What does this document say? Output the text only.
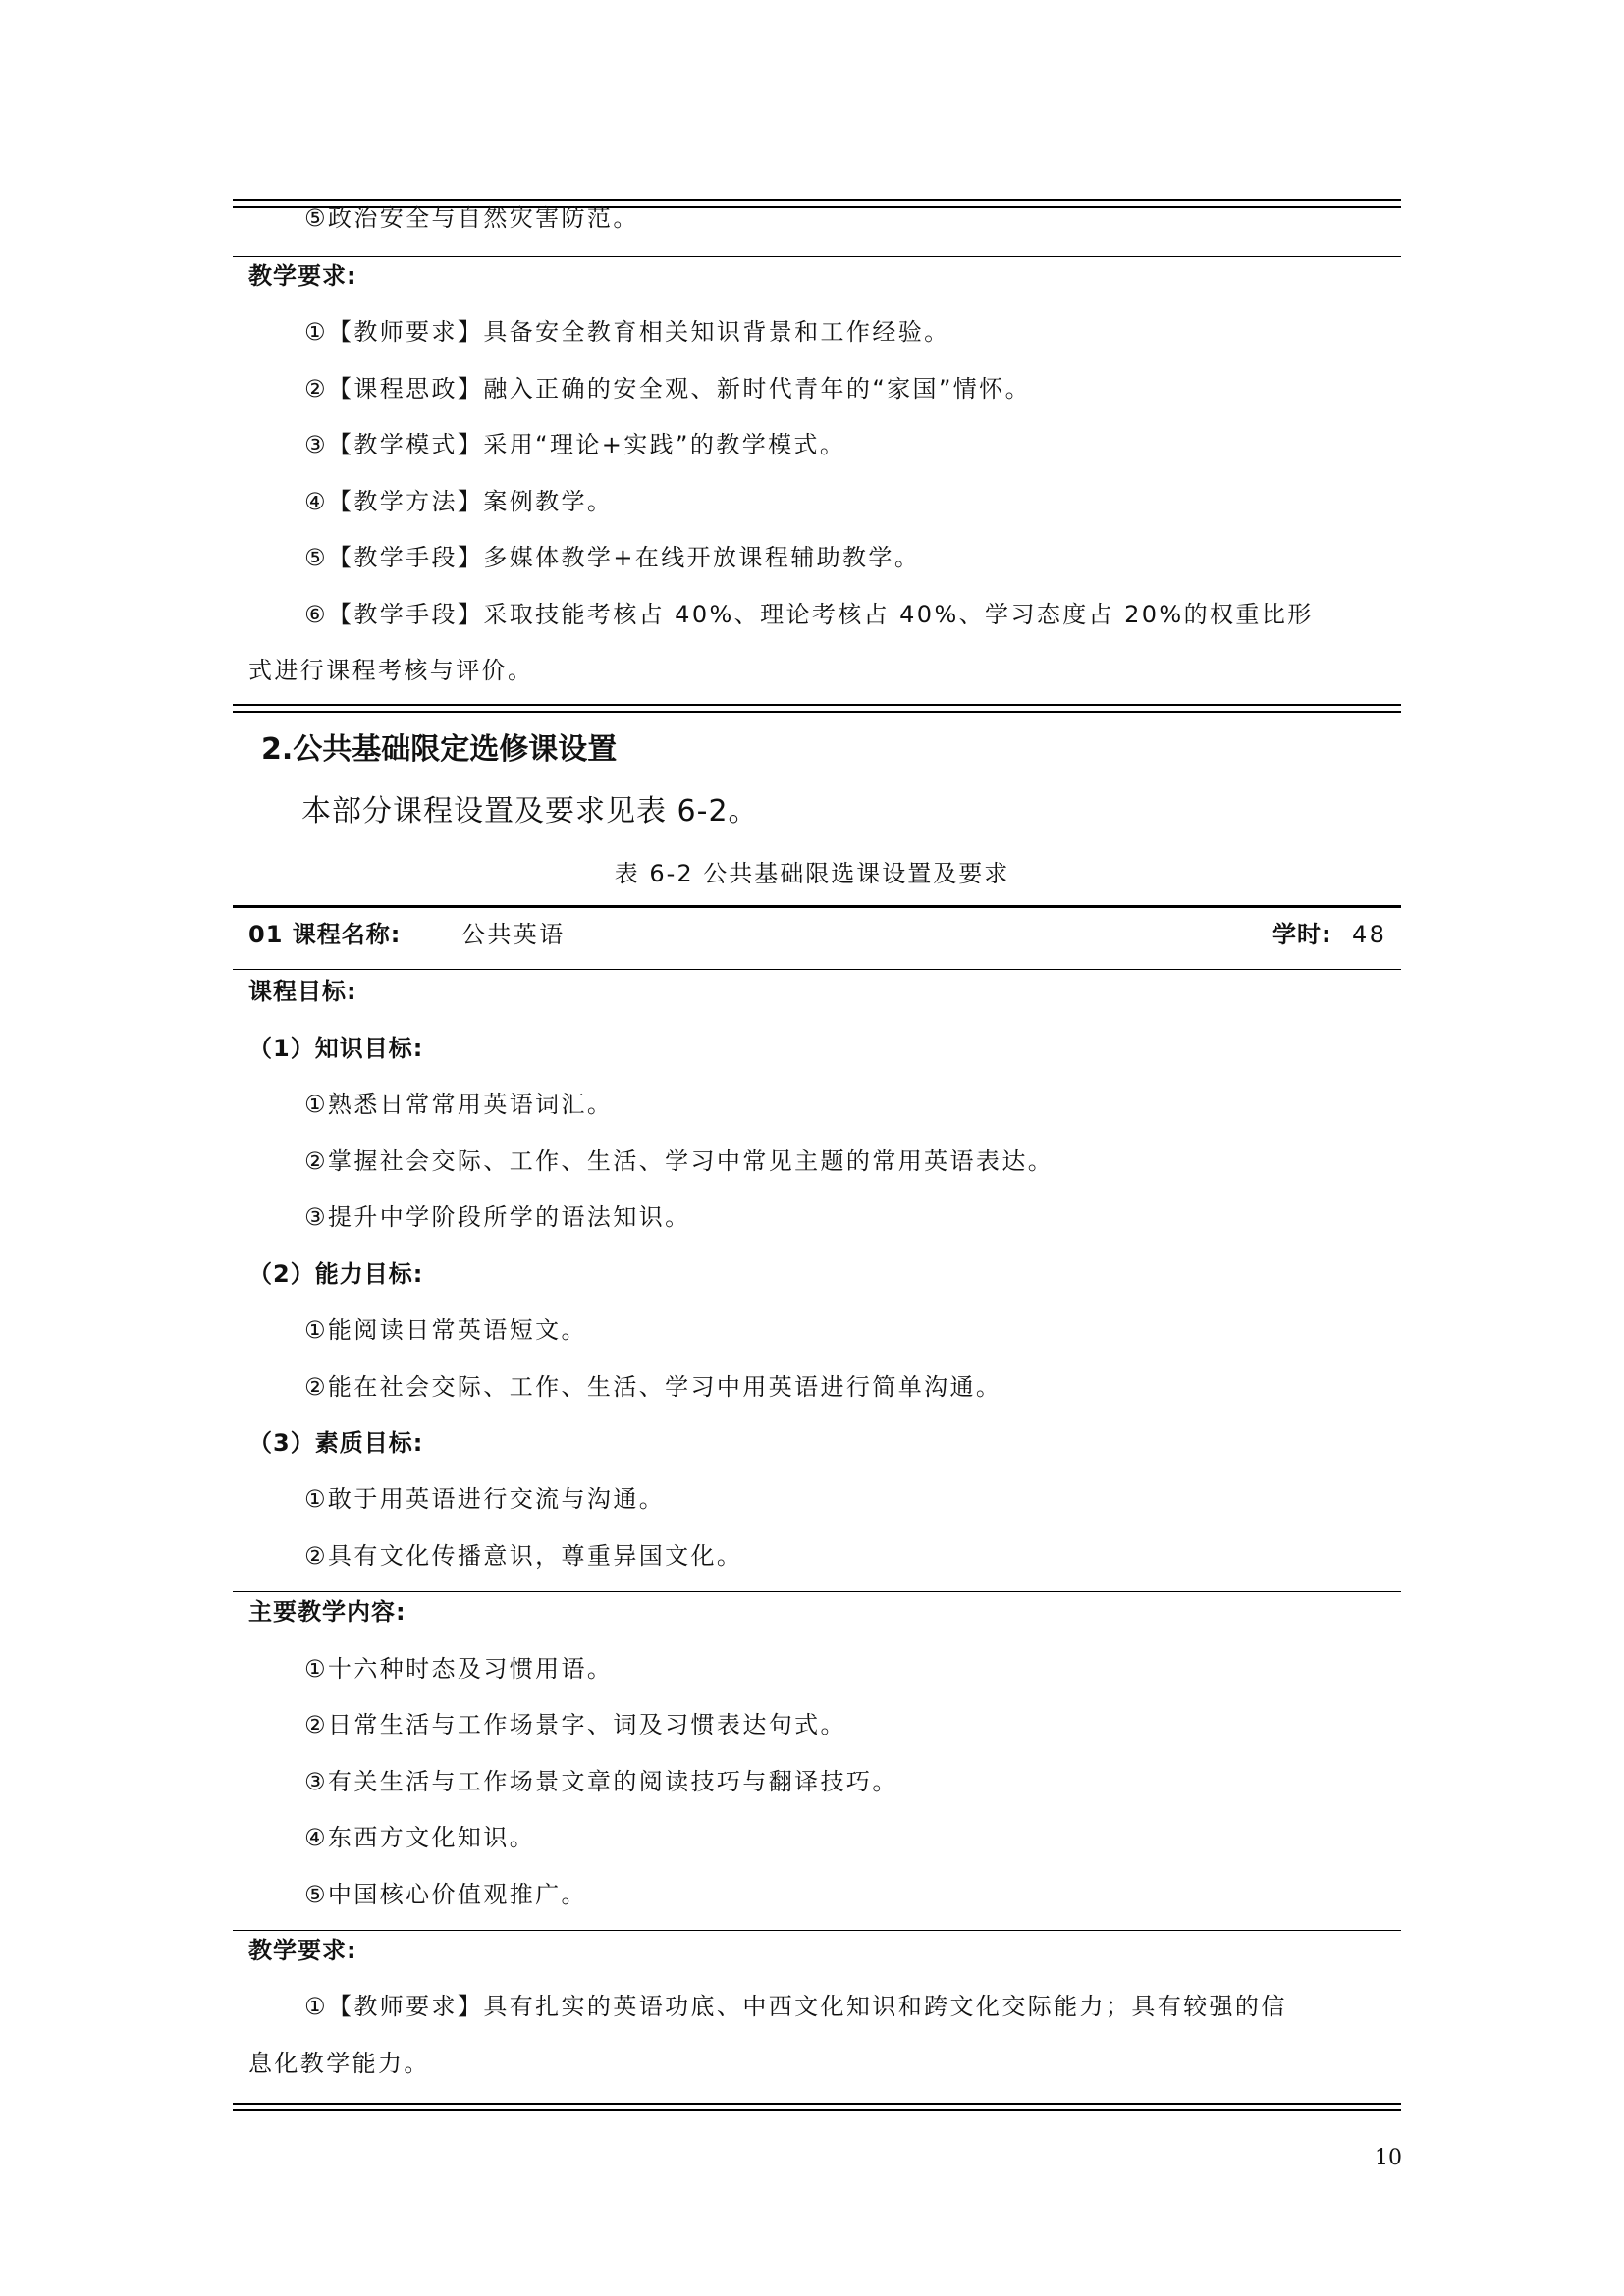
⑤政治安全与自然灾害防范。
教学要求:
①【教师要求】具备安全教育相关知识背景和工作经验。
②【课程思政】融入正确的安全观、新时代青年的“家国”情怀。
③【教学模式】采用“理论+实践”的教学模式。
④【教学方法】案例教学。
⑤【教学手段】多媒体教学+在线开放课程辅助教学。
⑥【教学手段】采取技能考核占 40%、理论考核占 40%、学习态度占 20%的权重比形
式进行课程考核与评价。
2.公共基础限定选修课设置
本部分课程设置及要求见表 6-2。
表 6-2 公共基础限选课设置及要求
01 课程名称:	公共英语	学时: 48
课程目标:
（1）知识目标:
①熟悉日常常用英语词汇。
②掌握社会交际、工作、生活、学习中常见主题的常用英语表达。
③提升中学阶段所学的语法知识。
（2）能力目标:
①能阅读日常英语短文。
②能在社会交际、工作、生活、学习中用英语进行简单沟通。
（3）素质目标:
①敢于用英语进行交流与沟通。
②具有文化传播意识，尊重异国文化。
主要教学内容:
①十六种时态及习惯用语。
②日常生活与工作场景字、词及习惯表达句式。
③有关生活与工作场景文章的阅读技巧与翻译技巧。
④东西方文化知识。
⑤中国核心价值观推广。
教学要求:
①【教师要求】具有扎实的英语功底、中西文化知识和跨文化交际能力；具有较强的信
息化教学能力。
10
